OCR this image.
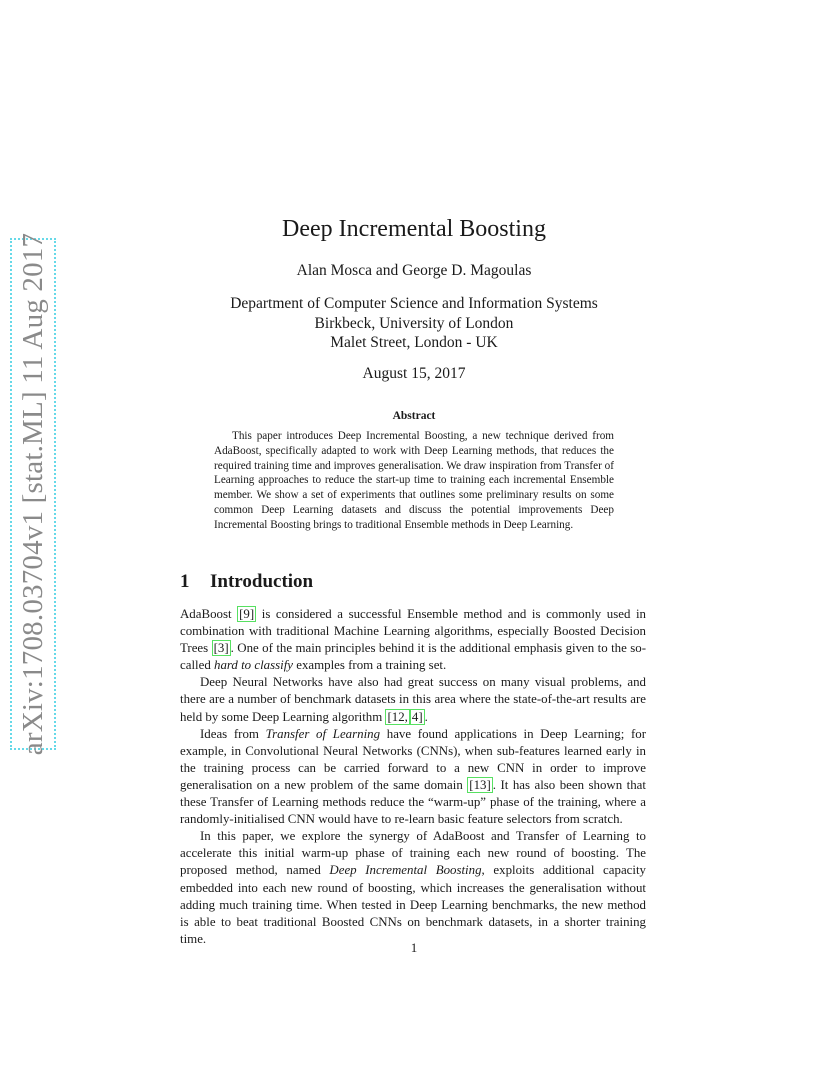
arXiv:1708.03704v1 [stat.ML] 11 Aug 2017
Deep Incremental Boosting
Alan Mosca and George D. Magoulas
Department of Computer Science and Information Systems
Birkbeck, University of London
Malet Street, London - UK
August 15, 2017
Abstract
This paper introduces Deep Incremental Boosting, a new technique derived from AdaBoost, specifically adapted to work with Deep Learning methods, that reduces the required training time and improves generalisation. We draw inspiration from Transfer of Learning approaches to reduce the start-up time to training each incremental Ensemble member. We show a set of experiments that outlines some preliminary results on some common Deep Learning datasets and discuss the potential improvements Deep Incremental Boosting brings to traditional Ensemble methods in Deep Learning.
1 Introduction

AdaBoost [9] is considered a successful Ensemble method and is commonly used in combination with traditional Machine Learning algorithms, especially Boosted Decision Trees [3] . One of the main principles behind it is the additional emphasis given to the so-called hard to classify examples from a training set.

Deep Neural Networks have also had great success on many visual problems, and there are a number of benchmark datasets in this area where the state-of-the-art results are held by some Deep Learning algorithm [12, 4] .

Ideas from Transfer of Learning have found applications in Deep Learning; for example, in Convolutional Neural Networks (CNNs), when sub-features learned early in the training process can be carried forward to a new CNN in order to improve generalisation on a new problem of the same domain [13] . It has also been shown that these Transfer of Learning methods reduce the “warm-up” phase of the training, where a randomly-initialised CNN would have to re-learn basic feature selectors from scratch.

In this paper, we explore the synergy of AdaBoost and Transfer of Learning to accelerate this initial warm-up phase of training each new round of boosting. The proposed method, named Deep Incremental Boosting, exploits additional capacity embedded into each new round of boosting, which increases the generalisation without adding much training time. When tested in Deep Learning benchmarks, the new method is able to beat traditional Boosted CNNs on benchmark datasets, in a shorter training time.

1
